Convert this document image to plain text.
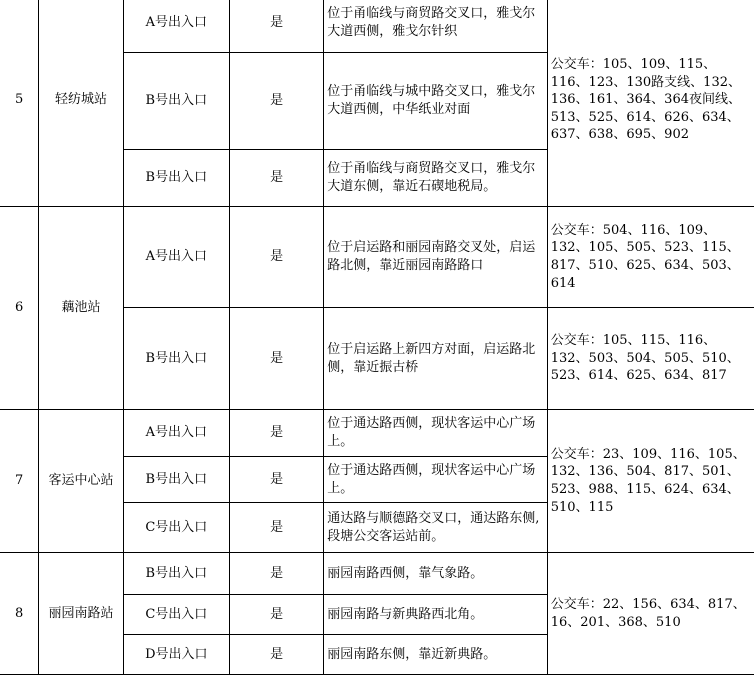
5	轻纺城站	A号出入口	是	位于甬临线与商贸路交叉口，雅戈尔大道西侧，雅戈尔针织	公交车：105、109、115、116、123、130路支线、132、136、161、364、364夜间线、513、525、614、626、634、637、638、695、902
		B号出入口	是	位于甬临线与城中路交叉口，雅戈尔大道西侧，中华纸业对面	
		B号出入口	是	位于甬临线与商贸路交叉口，雅戈尔大道东侧，靠近石碶地税局。	
6	藕池站	A号出入口	是	位于启运路和丽园南路交叉处，启运路北侧，靠近丽园南路路口	公交车：504、116、109、132、105、505、523、115、817、510、625、634、503、614
		B号出入口	是	位于启运路上新四方对面，启运路北侧，靠近振古桥	公交车：105、115、116、132、503、504、505、510、523、614、625、634、817
7	客运中心站	A号出入口	是	位于通达路西侧，现状客运中心广场上。	公交车：23、109、116、105、132、136、504、817、501、523、988、115、624、634、510、115
		B号出入口	是	位于通达路西侧，现状客运中心广场上。	
		C号出入口	是	通达路与顺德路交叉口，通达路东侧,段塘公交客运站前。	
8	丽园南路站	B号出入口	是	丽园南路西侧，靠气象路。	公交车：22、156、634、817、16、201、368、510
		C号出入口	是	丽园南路与新典路西北角。	
		D号出入口	是	丽园南路东侧，靠近新典路。	
